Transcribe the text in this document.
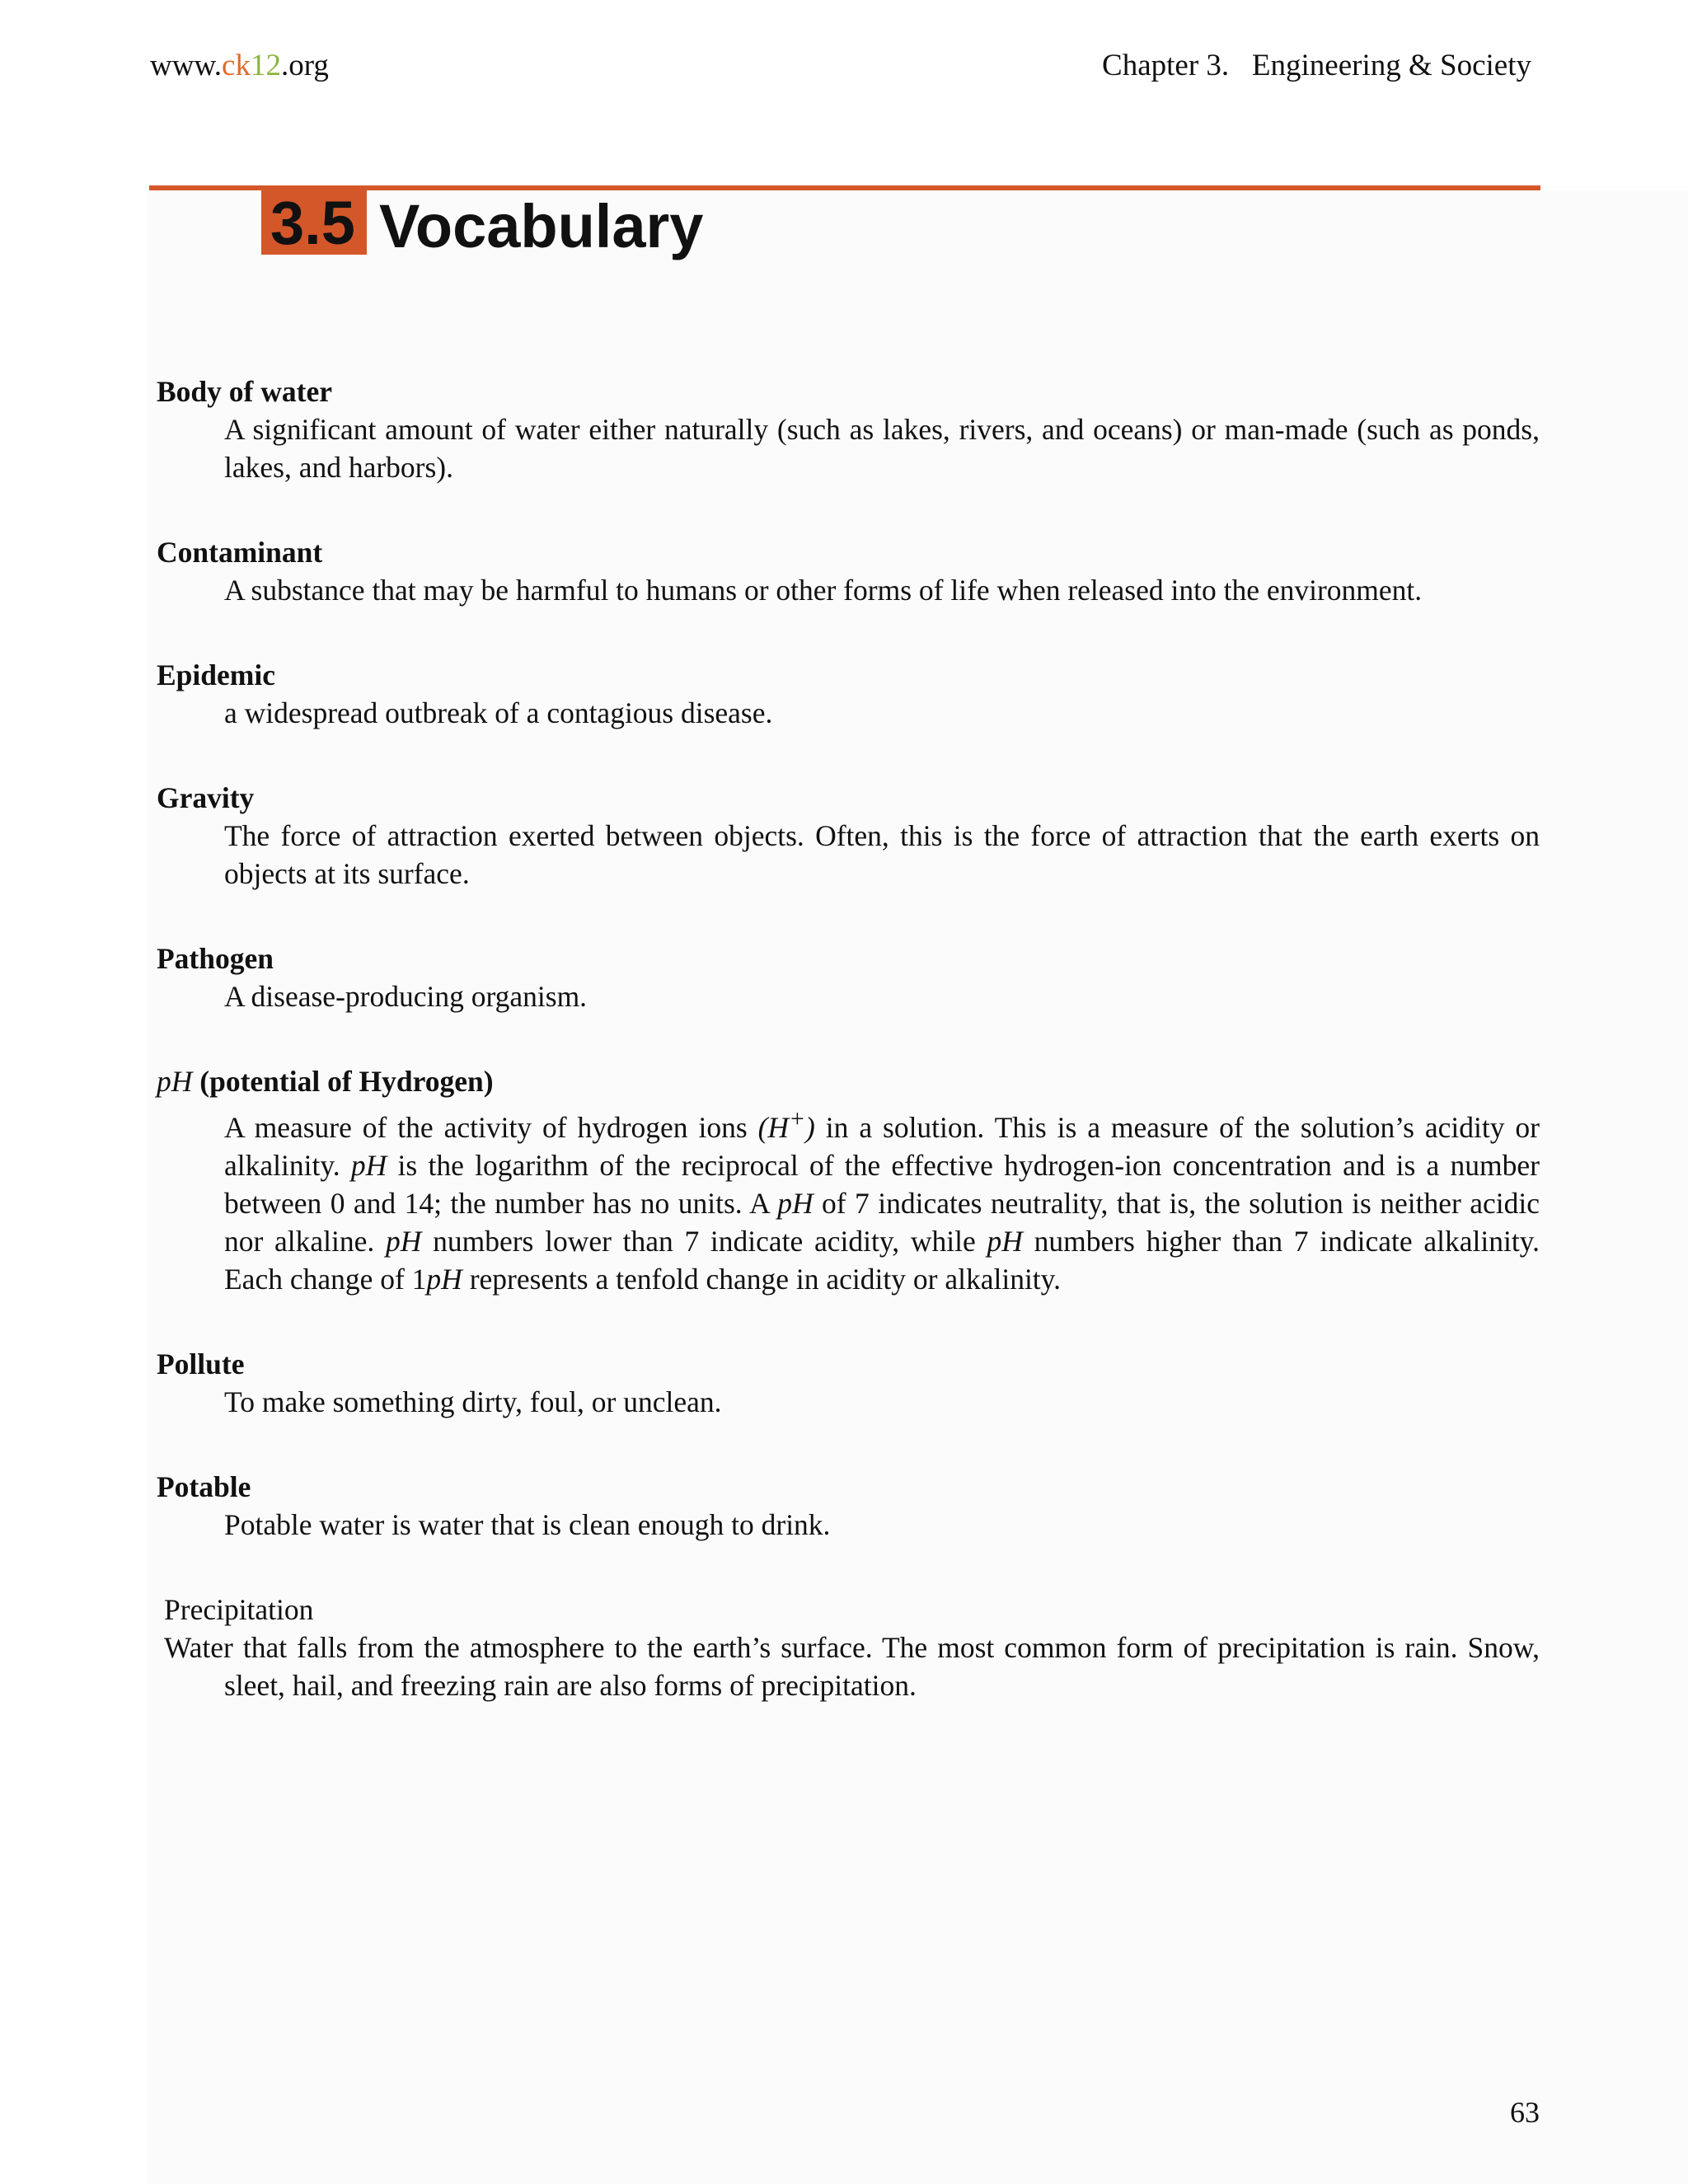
www.ck12.org	Chapter 3.   Engineering & Society
3.5 Vocabulary
Body of water
A significant amount of water either naturally (such as lakes, rivers, and oceans) or man-made (such as ponds, lakes, and harbors).
Contaminant
A substance that may be harmful to humans or other forms of life when released into the environment.
Epidemic
a widespread outbreak of a contagious disease.
Gravity
The force of attraction exerted between objects. Often, this is the force of attraction that the earth exerts on objects at its surface.
Pathogen
A disease-producing organism.
pH (potential of Hydrogen)
A measure of the activity of hydrogen ions (H+) in a solution. This is a measure of the solution’s acidity or alkalinity. pH is the logarithm of the reciprocal of the effective hydrogen-ion concentration and is a number between 0 and 14; the number has no units. A pH of 7 indicates neutrality, that is, the solution is neither acidic nor alkaline. pH numbers lower than 7 indicate acidity, while pH numbers higher than 7 indicate alkalinity. Each change of 1pH represents a tenfold change in acidity or alkalinity.
Pollute
To make something dirty, foul, or unclean.
Potable
Potable water is water that is clean enough to drink.
Precipitation
Water that falls from the atmosphere to the earth’s surface. The most common form of precipitation is rain. Snow, sleet, hail, and freezing rain are also forms of precipitation.
63
